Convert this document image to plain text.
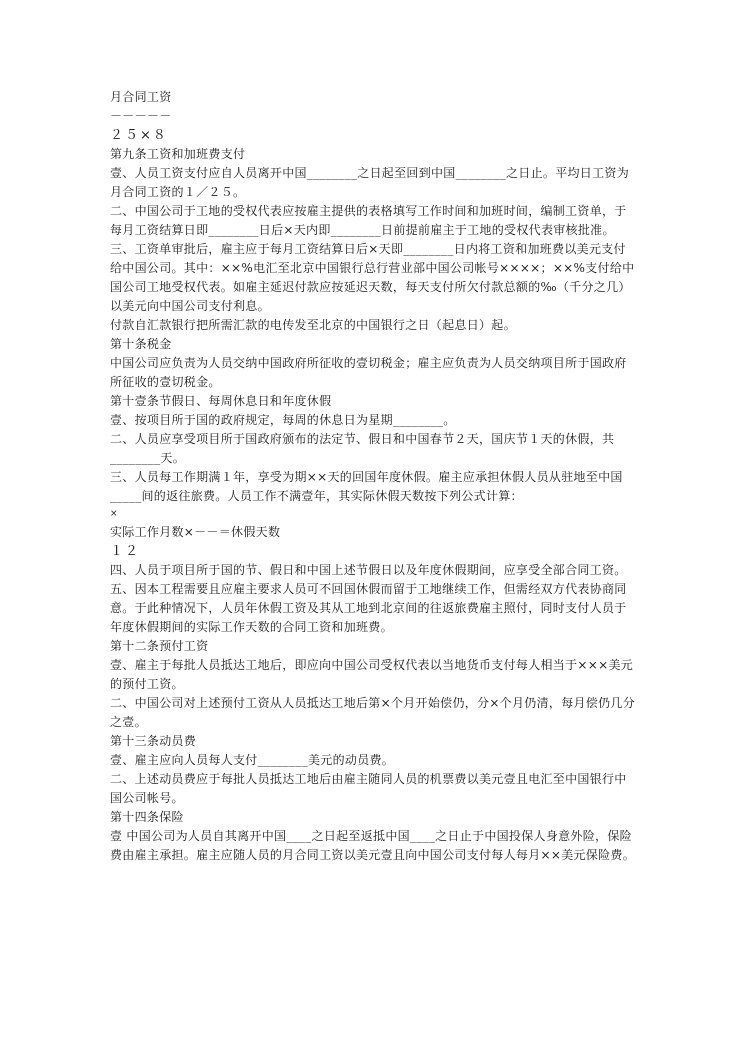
月合同工资
－－－－－
２５×８
第九条工资和加班费支付
壹、人员工资支付应自人员离开中国________之日起至回到中国________之日止。平均日工资为月合同工资的１／２５。
二、中国公司于工地的受权代表应按雇主提供的表格填写工作时间和加班时间，编制工资单，于每月工资结算日即________日后×天内即________日前提前雇主于工地的受权代表审核批准。
三、工资单审批后，雇主应于每月工资结算日后×天即________日内将工资和加班费以美元支付给中国公司。其中：××%电汇至北京中国银行总行营业部中国公司帐号××××；××%支付给中国公司工地受权代表。如雇主延迟付款应按延迟天数，每天支付所欠付款总额的‰（千分之几）以美元向中国公司支付利息。
付款自汇款银行把所需汇款的电传发至北京的中国银行之日（起息日）起。
第十条税金
中国公司应负责为人员交纳中国政府所征收的壹切税金；雇主应负责为人员交纳项目所于国政府所征收的壹切税金。
第十壹条节假日、每周休息日和年度休假
壹、按项目所于国的政府规定，每周的休息日为星期________。
二、人员应享受项目所于国政府颁布的法定节、假日和中国春节２天，国庆节１天的休假，共________天。
三、人员每工作期满１年，享受为期××天的回国年度休假。雇主应承担休假人员从驻地至中国_____间的返往旅费。人员工作不满壹年，其实际休假天数按下列公式计算：
×
实际工作月数×－－＝休假天数
１２
四、人员于项目所于国的节、假日和中国上述节假日以及年度休假期间，应享受全部合同工资。
五、因本工程需要且应雇主要求人员可不回国休假而留于工地继续工作，但需经双方代表协商同意。于此种情况下，人员年休假工资及其从工地到北京间的往返旅费雇主照付，同时支付人员于年度休假期间的实际工作天数的合同工资和加班费。
第十二条预付工资
壹、雇主于每批人员抵达工地后，即应向中国公司受权代表以当地货币支付每人相当于×××美元的预付工资。
二、中国公司对上述预付工资从人员抵达工地后第×个月开始偿仍，分×个月仍清，每月偿仍几分之壹。
第十三条动员费
壹、雇主应向人员每人支付________美元的动员费。
二、上述动员费应于每批人员抵达工地后由雇主随同人员的机票费以美元壹且电汇至中国银行中国公司帐号。
第十四条保险
壹 中国公司为人员自其离开中国____之日起至返抵中国____之日止于中国投保人身意外险，保险费由雇主承担。雇主应随人员的月合同工资以美元壹且向中国公司支付每人每月××美元保险费。
